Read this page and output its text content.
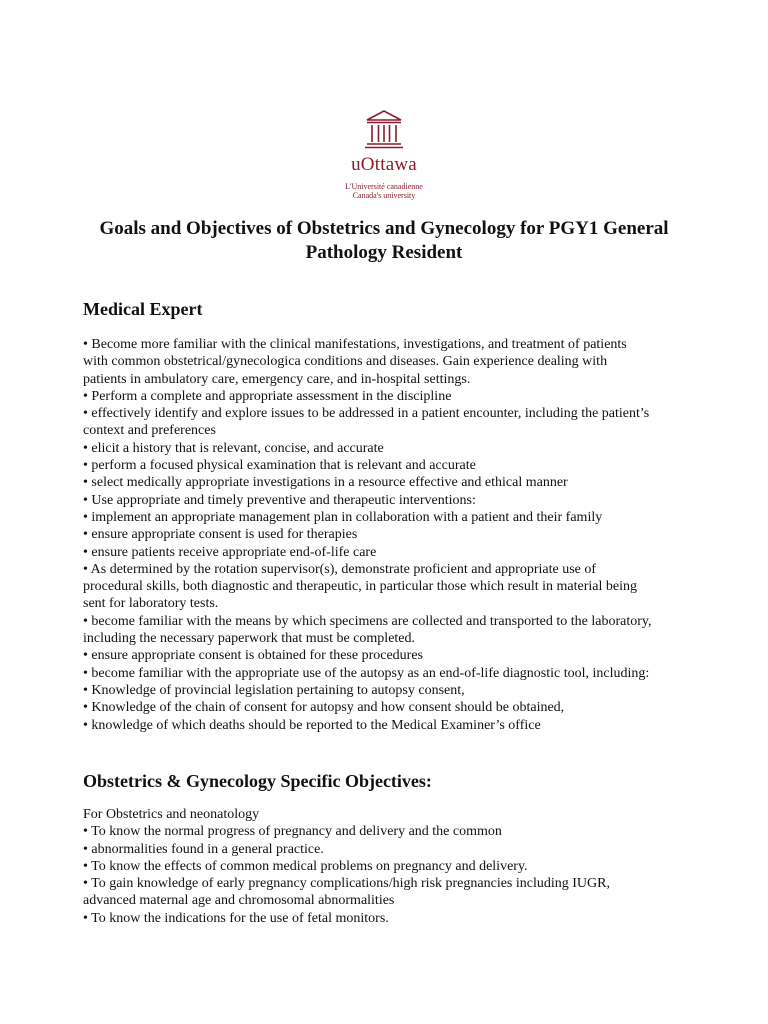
uOttawa
L'Université canadienne
Canada's university
Goals and Objectives of Obstetrics and Gynecology for PGY1 General
Pathology Resident
Medical Expert
• Become more familiar with the clinical manifestations, investigations, and treatment of patients
with common obstetrical/gynecologica conditions and diseases. Gain experience dealing with
patients in ambulatory care, emergency care, and in-hospital settings.
• Perform a complete and appropriate assessment in the discipline
• effectively identify and explore issues to be addressed in a patient encounter, including the patient’s
context and preferences
• elicit a history that is relevant, concise, and accurate
• perform a focused physical examination that is relevant and accurate
• select medically appropriate investigations in a resource effective and ethical manner
• Use appropriate and timely preventive and therapeutic interventions:
• implement an appropriate management plan in collaboration with a patient and their family
• ensure appropriate consent is used for therapies
• ensure patients receive appropriate end-of-life care
• As determined by the rotation supervisor(s), demonstrate proficient and appropriate use of
procedural skills, both diagnostic and therapeutic, in particular those which result in material being
sent for laboratory tests.
• become familiar with the means by which specimens are collected and transported to the laboratory,
including the necessary paperwork that must be completed.
• ensure appropriate consent is obtained for these procedures
• become familiar with the appropriate use of the autopsy as an end-of-life diagnostic tool, including:
• Knowledge of provincial legislation pertaining to autopsy consent,
• Knowledge of the chain of consent for autopsy and how consent should be obtained,
• knowledge of which deaths should be reported to the Medical Examiner’s office
Obstetrics & Gynecology Specific Objectives:
For Obstetrics and neonatology
• To know the normal progress of pregnancy and delivery and the common
• abnormalities found in a general practice.
• To know the effects of common medical problems on pregnancy and delivery.
• To gain knowledge of early pregnancy complications/high risk pregnancies including IUGR,
advanced maternal age and chromosomal abnormalities
• To know the indications for the use of fetal monitors.
